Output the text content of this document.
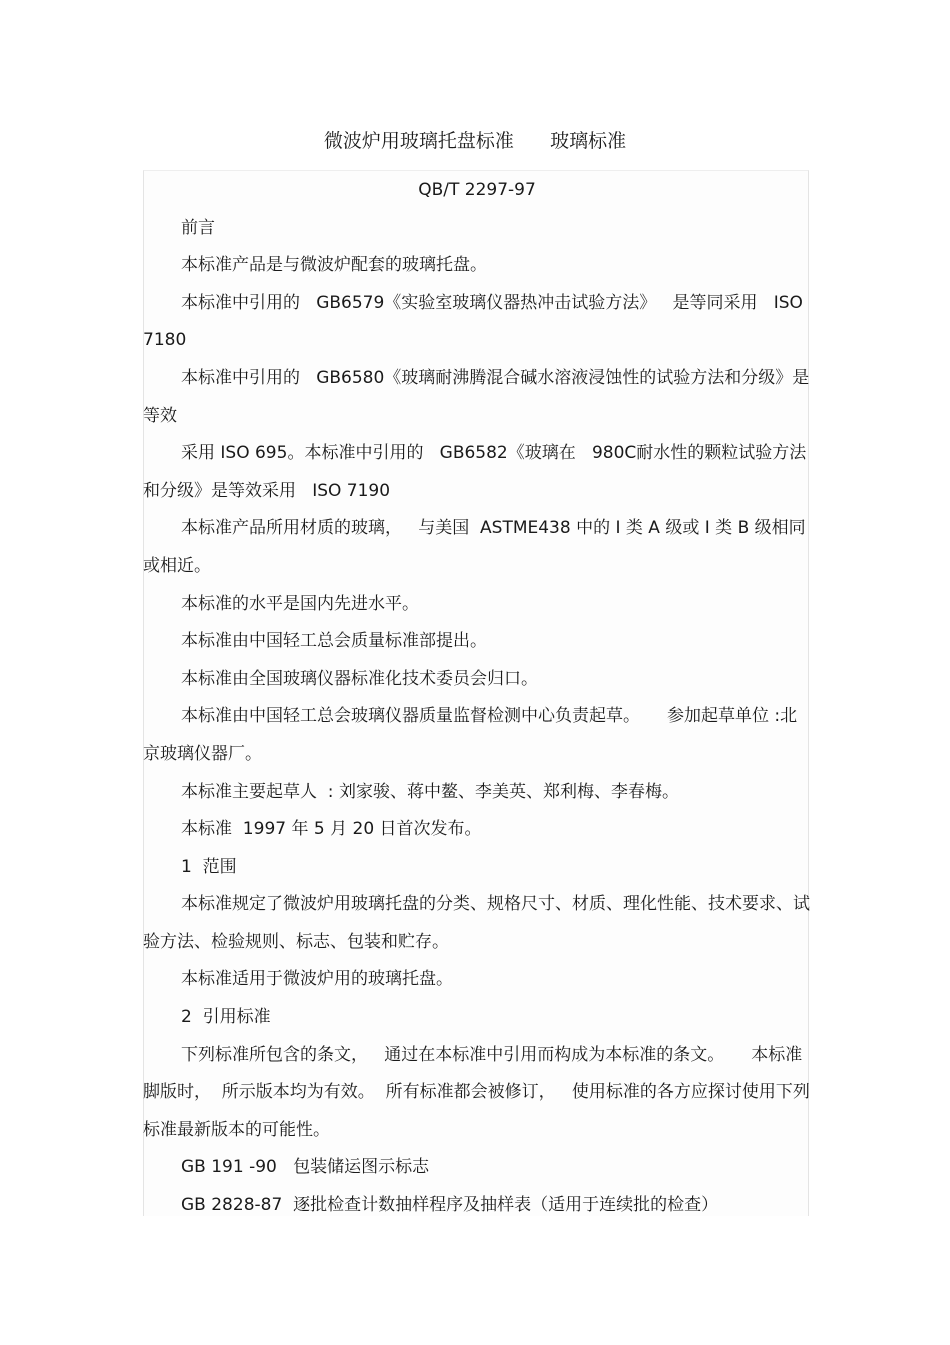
微波炉用玻璃托盘标准      玻璃标准

QB/T 2297-97

前言

本标准产品是与微波炉配套的玻璃托盘。

本标准中引用的   GB6579《实验室玻璃仪器热冲击试验方法》   是等同采用   ISO 7180

本标准中引用的   GB6580《玻璃耐沸腾混合碱水溶液浸蚀性的试验方法和分级》是等效

采用 ISO 695。本标准中引用的   GB6582《玻璃在   980C耐水性的颗粒试验方法和分级》是等效采用   ISO 7190

本标准产品所用材质的玻璃，   与美国  ASTME438 中的 Ⅰ 类 A 级或 Ⅰ 类 B 级相同或相近。

本标准的水平是国内先进水平。

本标准由中国轻工总会质量标准部提出。

本标准由全国玻璃仪器标准化技术委员会归口。

本标准由中国轻工总会玻璃仪器质量监督检测中心负责起草。     参加起草单位 :北京玻璃仪器厂。

本标准主要起草人  : 刘家骏、蒋中鳌、李美英、郑利梅、李春梅。

本标准  1997 年 5 月 20 日首次发布。

1  范围

本标准规定了微波炉用玻璃托盘的分类、规格尺寸、材质、理化性能、技术要求、试验方法、检验规则、标志、包装和贮存。

本标准适用于微波炉用的玻璃托盘。

2  引用标准

下列标准所包含的条文，   通过在本标准中引用而构成为本标准的条文。     本标准脚版时，  所示版本均为有效。  所有标准都会被修订，   使用标准的各方应探讨使用下列标准最新版本的可能性。

GB 191 -90   包装储运图示标志

GB 2828-87  逐批检查计数抽样程序及抽样表（适用于连续批的检查）
